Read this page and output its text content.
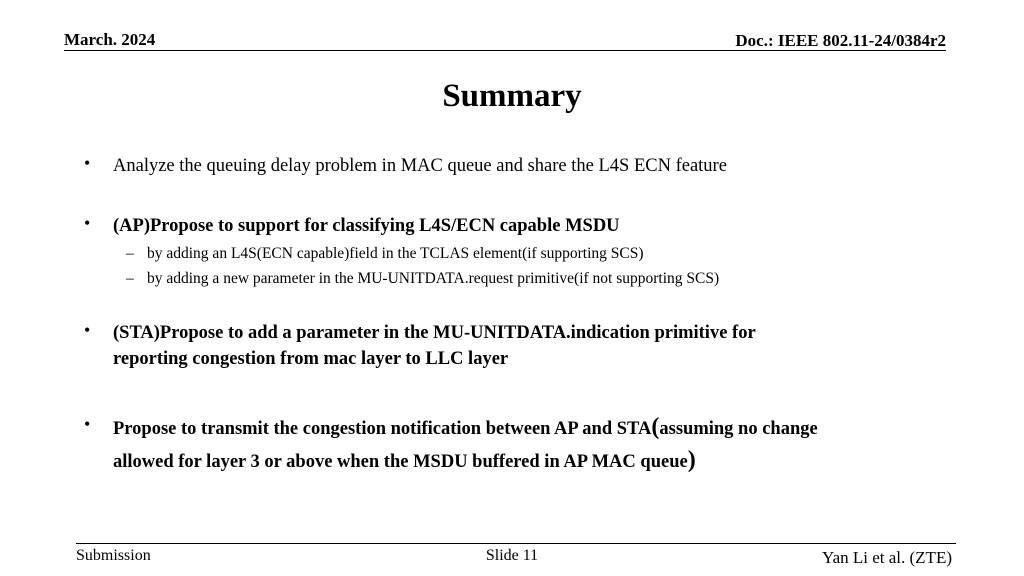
March. 2024	Doc.: IEEE 802.11-24/0384r2
Summary
• Analyze the queuing delay problem in MAC queue and share the L4S ECN feature
• (AP)Propose to support for classifying L4S/ECN capable MSDU
– by adding an L4S(ECN capable)field in the TCLAS element(if supporting SCS)
– by adding a new parameter in the MU-UNITDATA.request primitive(if not supporting SCS)
• (STA)Propose to add a parameter in the MU-UNITDATA.indication primitive for
reporting congestion from mac layer to LLC layer
• Propose to transmit the congestion notification between AP and STA(assuming no change
allowed for layer 3 or above when the MSDU buffered in AP MAC queue)
Submission	Slide 11	Yan Li et al. (ZTE)
